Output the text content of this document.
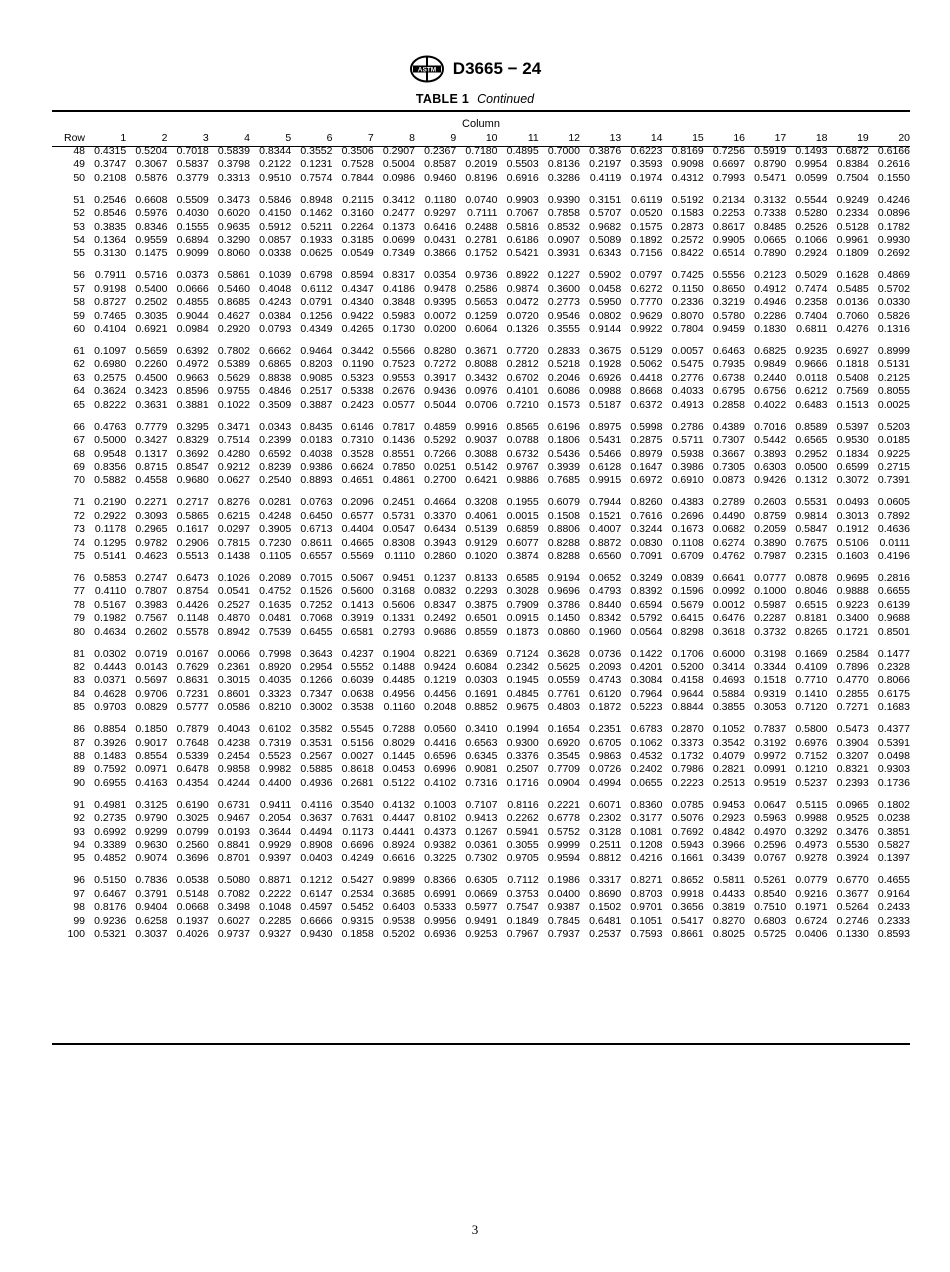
ASTM D3665 − 24
TABLE 1 Continued
Column
Row	1	2	3	4	5	6	7	8	9	10	11	12	13	14	15	16	17	18	19	20
48	0.4315	0.5204	0.7018	0.5839	0.8344	0.3552	0.3506	0.2907	0.2367	0.7180	0.4895	0.7000	0.3876	0.6223	0.8169	0.7256	0.5919	0.1493	0.6872	0.6166
49	0.3747	0.3067	0.5837	0.3798	0.2122	0.1231	0.7528	0.5004	0.8587	0.2019	0.5503	0.8136	0.2197	0.3593	0.9098	0.6697	0.8790	0.9954	0.8384	0.2616
50	0.2108	0.5876	0.3779	0.3313	0.9510	0.7574	0.7844	0.0986	0.9460	0.8196	0.6916	0.3286	0.4119	0.1974	0.4312	0.7993	0.5471	0.0599	0.7504	0.1550

51	0.2546	0.6608	0.5509	0.3473	0.5846	0.8948	0.2115	0.3412	0.1180	0.0740	0.9903	0.9390	0.3151	0.6119	0.5192	0.2134	0.3132	0.5544	0.9249	0.4246
52	0.8546	0.5976	0.4030	0.6020	0.4150	0.1462	0.3160	0.2477	0.9297	0.7111	0.7067	0.7858	0.5707	0.0520	0.1583	0.2253	0.7338	0.5280	0.2334	0.0896
53	0.3835	0.8346	0.1555	0.9635	0.5912	0.5211	0.2264	0.1373	0.6416	0.2488	0.5816	0.8532	0.9682	0.1575	0.2873	0.8617	0.8485	0.2526	0.5128	0.1782
54	0.1364	0.9559	0.6894	0.3290	0.0857	0.1933	0.3185	0.0699	0.0431	0.2781	0.6186	0.0907	0.5089	0.1892	0.2572	0.9905	0.0665	0.1066	0.9961	0.9930
55	0.3130	0.1475	0.9099	0.8060	0.0338	0.0625	0.0549	0.7349	0.3866	0.1752	0.5421	0.3931	0.6343	0.7156	0.8422	0.6514	0.7890	0.2924	0.1809	0.2692

56	0.7911	0.5716	0.0373	0.5861	0.1039	0.6798	0.8594	0.8317	0.0354	0.9736	0.8922	0.1227	0.5902	0.0797	0.7425	0.5556	0.2123	0.5029	0.1628	0.4869
57	0.9198	0.5400	0.0666	0.5460	0.4048	0.6112	0.4347	0.4186	0.9478	0.2586	0.9874	0.3600	0.0458	0.6272	0.1150	0.8650	0.4912	0.7474	0.5485	0.5702
58	0.8727	0.2502	0.4855	0.8685	0.4243	0.0791	0.4340	0.3848	0.9395	0.5653	0.0472	0.2773	0.5950	0.7770	0.2336	0.3219	0.4946	0.2358	0.0136	0.0330
59	0.7465	0.3035	0.9044	0.4627	0.0384	0.1256	0.9422	0.5983	0.0072	0.1259	0.0720	0.9546	0.0802	0.9629	0.8070	0.5780	0.2286	0.7404	0.7060	0.5826
60	0.4104	0.6921	0.0984	0.2920	0.0793	0.4349	0.4265	0.1730	0.0200	0.6064	0.1326	0.3555	0.9144	0.9922	0.7804	0.9459	0.1830	0.6811	0.4276	0.1316

61	0.1097	0.5659	0.6392	0.7802	0.6662	0.9464	0.3442	0.5566	0.8280	0.3671	0.7720	0.2833	0.3675	0.5129	0.0057	0.6463	0.6825	0.9235	0.6927	0.8999
62	0.6980	0.2260	0.4972	0.5389	0.6865	0.8203	0.1190	0.7523	0.7272	0.8088	0.2812	0.5218	0.1928	0.5062	0.5475	0.7935	0.9849	0.9666	0.1818	0.5131
63	0.2575	0.4500	0.9663	0.5629	0.8838	0.9085	0.5323	0.9553	0.3917	0.3432	0.6702	0.2046	0.6926	0.4418	0.2776	0.6738	0.2440	0.0118	0.5408	0.2125
64	0.3624	0.3423	0.8596	0.9755	0.4846	0.2517	0.5338	0.2676	0.9436	0.0976	0.4101	0.6086	0.0988	0.8668	0.4033	0.6795	0.6756	0.6212	0.7569	0.8055
65	0.8222	0.3631	0.3881	0.1022	0.3509	0.3887	0.2423	0.0577	0.5044	0.0706	0.7210	0.1573	0.5187	0.6372	0.4913	0.2858	0.4022	0.6483	0.1513	0.0025

66	0.4763	0.7779	0.3295	0.3471	0.0343	0.8435	0.6146	0.7817	0.4859	0.9916	0.8565	0.6196	0.8975	0.5998	0.2786	0.4389	0.7016	0.8589	0.5397	0.5203
67	0.5000	0.3427	0.8329	0.7514	0.2399	0.0183	0.7310	0.1436	0.5292	0.9037	0.0788	0.1806	0.5431	0.2875	0.5711	0.7307	0.5442	0.6565	0.9530	0.0185
68	0.9548	0.1317	0.3692	0.4280	0.6592	0.4038	0.3528	0.8551	0.7266	0.3088	0.6732	0.5436	0.5466	0.8979	0.5938	0.3667	0.3893	0.2952	0.1834	0.9225
69	0.8356	0.8715	0.8547	0.9212	0.8239	0.9386	0.6624	0.7850	0.0251	0.5142	0.9767	0.3939	0.6128	0.1647	0.3986	0.7305	0.6303	0.0500	0.6599	0.2715
70	0.5882	0.4558	0.9680	0.0627	0.2540	0.8893	0.4651	0.4861	0.2700	0.6421	0.9886	0.7685	0.9915	0.6972	0.6910	0.0873	0.9426	0.1312	0.3072	0.7391

71	0.2190	0.2271	0.2717	0.8276	0.0281	0.0763	0.2096	0.2451	0.4664	0.3208	0.1955	0.6079	0.7944	0.8260	0.4383	0.2789	0.2603	0.5531	0.0493	0.0605
72	0.2922	0.3093	0.5865	0.6215	0.4248	0.6450	0.6577	0.5731	0.3370	0.4061	0.0015	0.1508	0.1521	0.7616	0.2696	0.4490	0.8759	0.9814	0.3013	0.7892
73	0.1178	0.2965	0.1617	0.0297	0.3905	0.6713	0.4404	0.0547	0.6434	0.5139	0.6859	0.8806	0.4007	0.3244	0.1673	0.0682	0.2059	0.5847	0.1912	0.4636
74	0.1295	0.9782	0.2906	0.7815	0.7230	0.8611	0.4665	0.8308	0.3943	0.9129	0.6077	0.8288	0.8872	0.0830	0.1108	0.6274	0.3890	0.7675	0.5106	0.0111
75	0.5141	0.4623	0.5513	0.1438	0.1105	0.6557	0.5569	0.1110	0.2860	0.1020	0.3874	0.8288	0.6560	0.7091	0.6709	0.4762	0.7987	0.2315	0.1603	0.4196

76	0.5853	0.2747	0.6473	0.1026	0.2089	0.7015	0.5067	0.9451	0.1237	0.8133	0.6585	0.9194	0.0652	0.3249	0.0839	0.6641	0.0777	0.0878	0.9695	0.2816
77	0.4110	0.7807	0.8754	0.0541	0.4752	0.1526	0.5600	0.3168	0.0832	0.2293	0.3028	0.9696	0.4793	0.8392	0.1596	0.0992	0.1000	0.8046	0.9888	0.6655
78	0.5167	0.3983	0.4426	0.2527	0.1635	0.7252	0.1413	0.5606	0.8347	0.3875	0.7909	0.3786	0.8440	0.6594	0.5679	0.0012	0.5987	0.6515	0.9223	0.6139
79	0.1982	0.7567	0.1148	0.4870	0.0481	0.7068	0.3919	0.1331	0.2492	0.6501	0.0915	0.1450	0.8342	0.5792	0.6415	0.6476	0.2287	0.8181	0.3400	0.9688
80	0.4634	0.2602	0.5578	0.8942	0.7539	0.6455	0.6581	0.2793	0.9686	0.8559	0.1873	0.0860	0.1960	0.0564	0.8298	0.3618	0.3732	0.8265	0.1721	0.8501

81	0.0302	0.0719	0.0167	0.0066	0.7998	0.3643	0.4237	0.1904	0.8221	0.6369	0.7124	0.3628	0.0736	0.1422	0.1706	0.6000	0.3198	0.1669	0.2584	0.1477
82	0.4443	0.0143	0.7629	0.2361	0.8920	0.2954	0.5552	0.1488	0.9424	0.6084	0.2342	0.5625	0.2093	0.4201	0.5200	0.3414	0.3344	0.4109	0.7896	0.2328
83	0.0371	0.5697	0.8631	0.3015	0.4035	0.1266	0.6039	0.4485	0.1219	0.0303	0.1945	0.0559	0.4743	0.3084	0.4158	0.4693	0.1518	0.7710	0.4770	0.8066
84	0.4628	0.9706	0.7231	0.8601	0.3323	0.7347	0.0638	0.4956	0.4456	0.1691	0.4845	0.7761	0.6120	0.7964	0.9644	0.5884	0.9319	0.1410	0.2855	0.6175
85	0.9703	0.0829	0.5777	0.0586	0.8210	0.3002	0.3538	0.1160	0.2048	0.8852	0.9675	0.4803	0.1872	0.5223	0.8844	0.3855	0.3053	0.7120	0.7271	0.1683

86	0.8854	0.1850	0.7879	0.4043	0.6102	0.3582	0.5545	0.7288	0.0560	0.3410	0.1994	0.1654	0.2351	0.6783	0.2870	0.1052	0.7837	0.5800	0.5473	0.4377
87	0.3926	0.9017	0.7648	0.4238	0.7319	0.3531	0.5156	0.8029	0.4416	0.6563	0.9300	0.6920	0.6705	0.1062	0.3373	0.3542	0.3192	0.6976	0.3904	0.5391
88	0.1483	0.8554	0.5339	0.2454	0.5523	0.2567	0.0027	0.1445	0.6596	0.6345	0.3376	0.3545	0.9863	0.4532	0.1732	0.4079	0.9972	0.7152	0.3207	0.0498
89	0.7592	0.0971	0.6478	0.9858	0.9982	0.5885	0.8618	0.0453	0.6996	0.9081	0.2507	0.7709	0.0726	0.2402	0.7986	0.2821	0.0991	0.1210	0.8321	0.9303
90	0.6955	0.4163	0.4354	0.4244	0.4400	0.4936	0.2681	0.5122	0.4102	0.7316	0.1716	0.0904	0.4994	0.0655	0.2223	0.2513	0.9519	0.5237	0.2393	0.1736

91	0.4981	0.3125	0.6190	0.6731	0.9411	0.4116	0.3540	0.4132	0.1003	0.7107	0.8116	0.2221	0.6071	0.8360	0.0785	0.9453	0.0647	0.5115	0.0965	0.1802
92	0.2735	0.9790	0.3025	0.9467	0.2054	0.3637	0.7631	0.4447	0.8102	0.9413	0.2262	0.6778	0.2302	0.3177	0.5076	0.2923	0.5963	0.9988	0.9525	0.0238
93	0.6992	0.9299	0.0799	0.0193	0.3644	0.4494	0.1173	0.4441	0.4373	0.1267	0.5941	0.5752	0.3128	0.1081	0.7692	0.4842	0.4970	0.3292	0.3476	0.3851
94	0.3389	0.9630	0.2560	0.8841	0.9929	0.8908	0.6696	0.8924	0.9382	0.0361	0.3055	0.9999	0.2511	0.1208	0.5943	0.3966	0.2596	0.4973	0.5530	0.5827
95	0.4852	0.9074	0.3696	0.8701	0.9397	0.0403	0.4249	0.6616	0.3225	0.7302	0.9705	0.9594	0.8812	0.4216	0.1661	0.3439	0.0767	0.9278	0.3924	0.1397

96	0.5150	0.7836	0.0538	0.5080	0.8871	0.1212	0.5427	0.9899	0.8366	0.6305	0.7112	0.1986	0.3317	0.8271	0.8652	0.5811	0.5261	0.0779	0.6770	0.4655
97	0.6467	0.3791	0.5148	0.7082	0.2222	0.6147	0.2534	0.3685	0.6991	0.0669	0.3753	0.0400	0.8690	0.8703	0.9918	0.4433	0.8540	0.9216	0.3677	0.9164
98	0.8176	0.9404	0.0668	0.3498	0.1048	0.4597	0.5452	0.6403	0.5333	0.5977	0.7547	0.9387	0.1502	0.9701	0.3656	0.3819	0.7510	0.1971	0.5264	0.2433
99	0.9236	0.6258	0.1937	0.6027	0.2285	0.6666	0.9315	0.9538	0.9956	0.9491	0.1849	0.7845	0.6481	0.1051	0.5417	0.8270	0.6803	0.6724	0.2746	0.2333
100	0.5321	0.3037	0.4026	0.9737	0.9327	0.9430	0.1858	0.5202	0.6936	0.9253	0.7967	0.7937	0.2537	0.7593	0.8661	0.8025	0.5725	0.0406	0.1330	0.8593
3
